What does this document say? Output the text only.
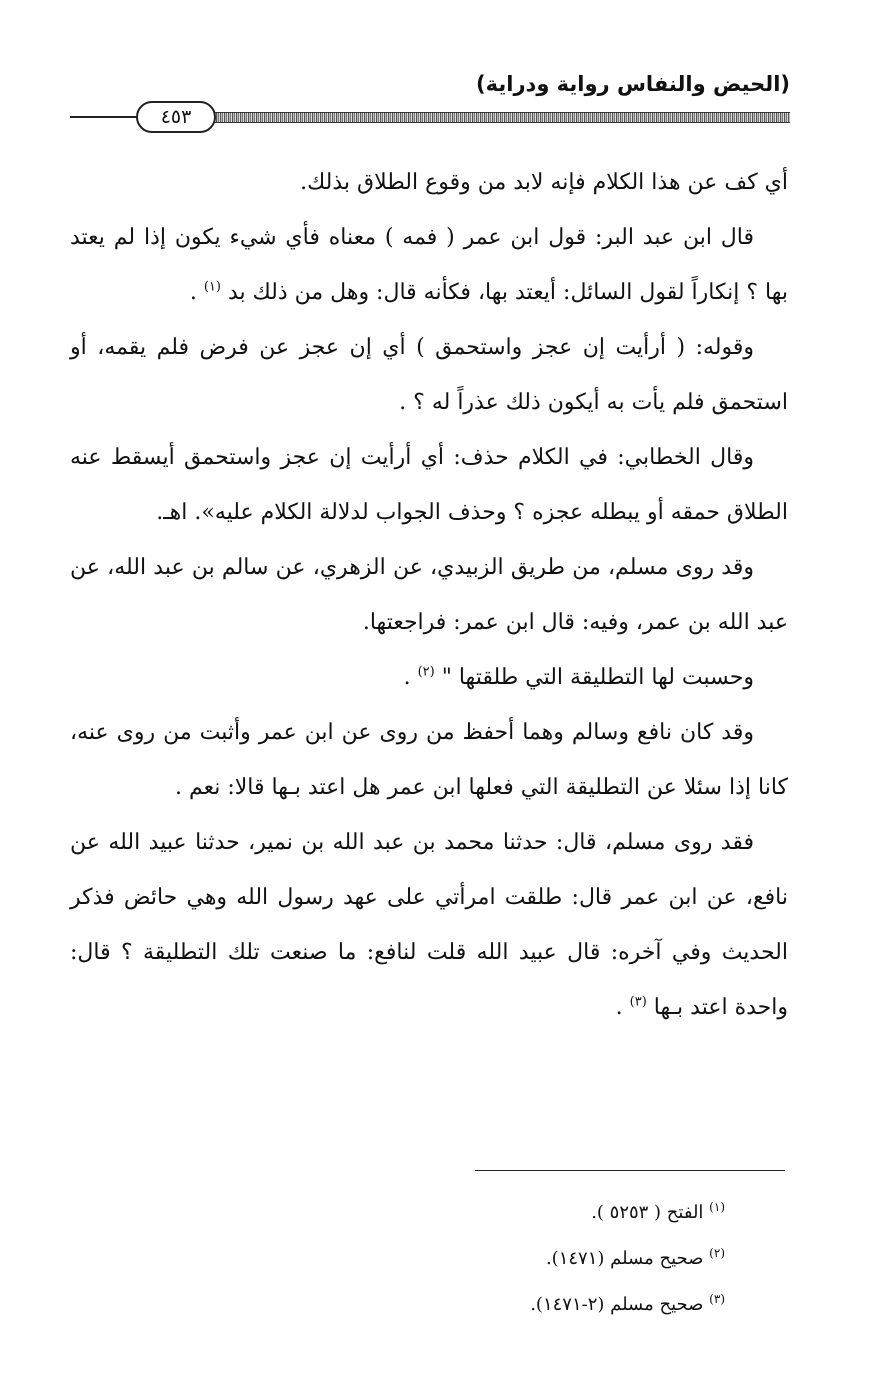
(الحيض والنفاس رواية ودراية)
٤٥٣

أي كف عن هذا الكلام فإنه لابد من وقوع الطلاق بذلك.

قال ابن عبد البر: قول ابن عمر ( فمه ) معناه فأي شيء يكون إذا لم يعتد بها ؟ إنكاراً لقول السائل: أيعتد بها، فكأنه قال: وهل من ذلك بد $^{(١)}$ .

وقوله: ( أرأيت إن عجز واستحمق ) أي إن عجز عن فرض فلم يقمه، أو استحمق فلم يأت به أيكون ذلك عذراً له ؟ .

وقال الخطابي: في الكلام حذف: أي أرأيت إن عجز واستحمق أيسقط عنه الطلاق حمقه أو يبطله عجزه ؟ وحذف الجواب لدلالة الكلام عليه». اهـ.

وقد روى مسلم، من طريق الزبيدي، عن الزهري، عن سالم بن عبد الله، عن عبد الله بن عمر، وفيه: قال ابن عمر: فراجعتها.

وحسبت لها التطليقة التي طلقتها " $^{(٢)}$ .

وقد كان نافع وسالم وهما أحفظ من روى عن ابن عمر وأثبت من روى عنه، كانا إذا سئلا عن التطليقة التي فعلها ابن عمر هل اعتد بـها قالا: نعم .

فقد روى مسلم، قال: حدثنا محمد بن عبد الله بن نمير، حدثنا عبيد الله عن نافع، عن ابن عمر قال: طلقت امرأتي على عهد رسول الله وهي حائض فذكر الحديث وفي آخره: قال عبيد الله قلت لنافع: ما صنعت تلك التطليقة ؟ قال: واحدة اعتد بـها $^{(٣)}$ .

$^{(١)}$ الفتح ( ٥٢٥٣ ).
$^{(٢)}$ صحيح مسلم (١٤٧١).
$^{(٣)}$ صحيح مسلم (٢-١٤٧١).
